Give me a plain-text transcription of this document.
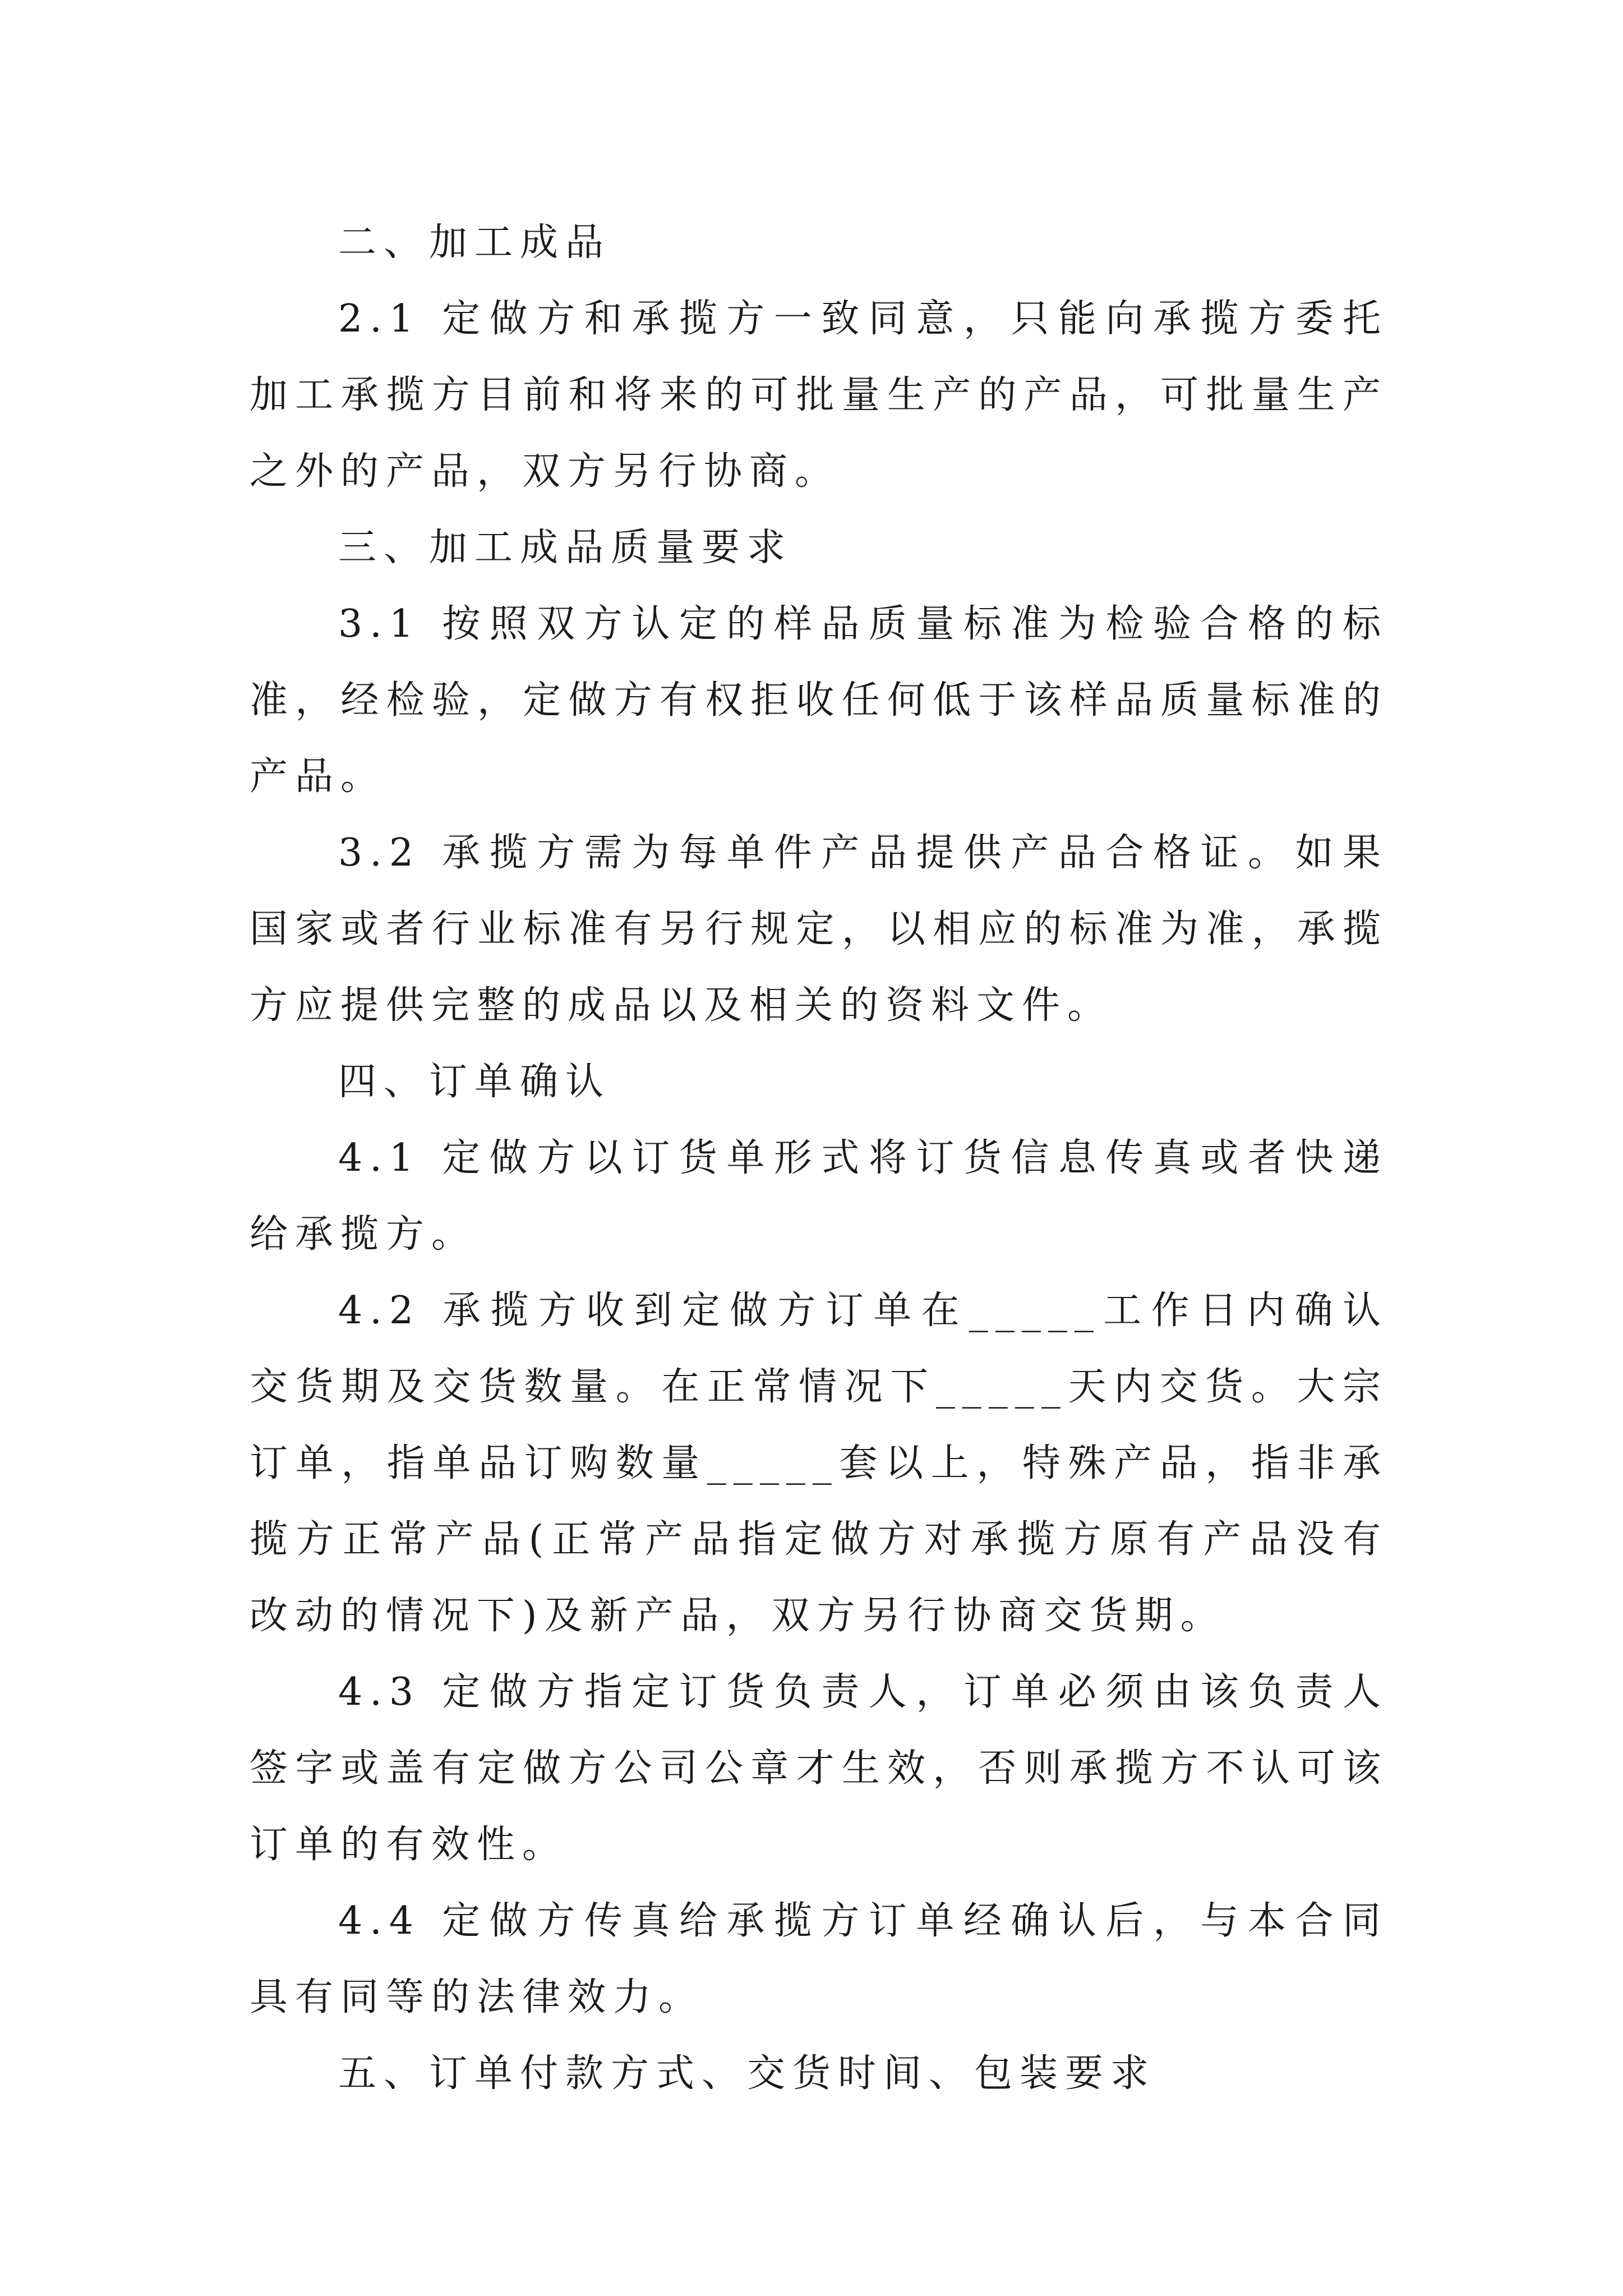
二、加工成品

2.1 定做方和承揽方一致同意，只能向承揽方委托加工承揽方目前和将来的可批量生产的产品，可批量生产之外的产品，双方另行协商。

三、加工成品质量要求

3.1 按照双方认定的样品质量标准为检验合格的标准，经检验，定做方有权拒收任何低于该样品质量标准的产品。

3.2 承揽方需为每单件产品提供产品合格证。如果国家或者行业标准有另行规定，以相应的标准为准，承揽方应提供完整的成品以及相关的资料文件。

四、订单确认

4.1 定做方以订货单形式将订货信息传真或者快递给承揽方。

4.2 承揽方收到定做方订单在_____工作日内确认交货期及交货数量。在正常情况下_____天内交货。大宗订单，指单品订购数量_____套以上，特殊产品，指非承揽方正常产品(正常产品指定做方对承揽方原有产品没有改动的情况下)及新产品，双方另行协商交货期。

4.3 定做方指定订货负责人，订单必须由该负责人签字或盖有定做方公司公章才生效，否则承揽方不认可该订单的有效性。

4.4 定做方传真给承揽方订单经确认后，与本合同具有同等的法律效力。

五、订单付款方式、交货时间、包装要求
